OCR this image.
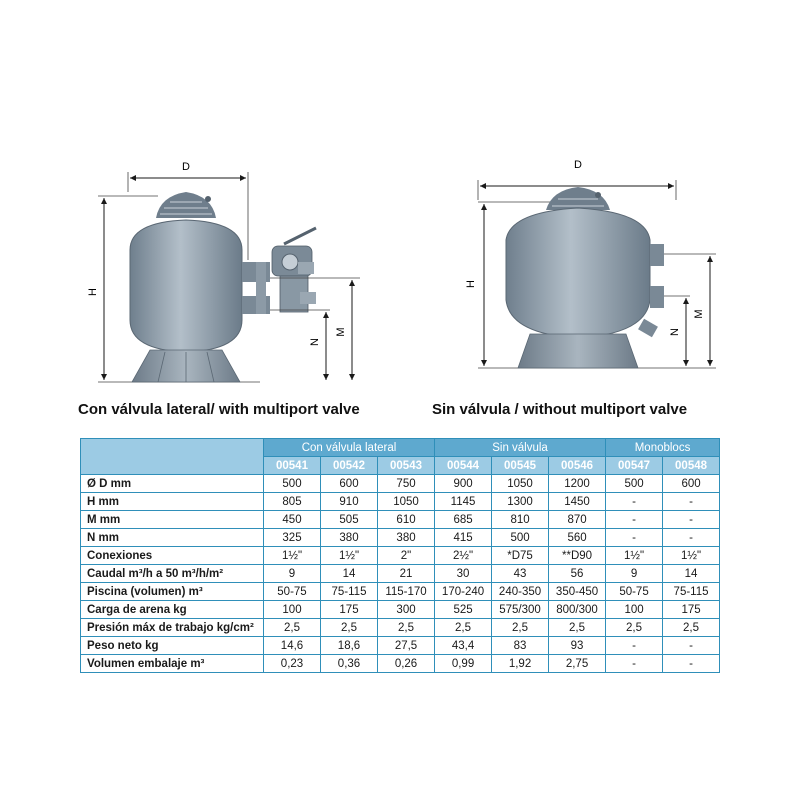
D
H
N
M
D
H
N
M
Con válvula lateral/ with multiport valve	Sin válvula / without multiport valve
	Con válvula lateral			Sin válvula			Monoblocs	
	00541	00542	00543	00544	00545	00546	00547	00548
Ø D mm	500	600	750	900	1050	1200	500	600
H mm	805	910	1050	1145	1300	1450	-	-
M mm	450	505	610	685	810	870	-	-
N mm	325	380	380	415	500	560	-	-
Conexiones	1½"	1½"	2"	2½"	*D75	**D90	1½"	1½"
Caudal m³/h a 50 m³/h/m²	9	14	21	30	43	56	9	14
Piscina (volumen) m³	50-75	75-115	115-170	170-240	240-350	350-450	50-75	75-115
Carga de arena kg	100	175	300	525	575/300	800/300	100	175
Presión máx de trabajo kg/cm²	2,5	2,5	2,5	2,5	2,5	2,5	2,5	2,5
Peso neto kg	14,6	18,6	27,5	43,4	83	93	-	-
Volumen embalaje m³	0,23	0,36	0,26	0,99	1,92	2,75	-	-
